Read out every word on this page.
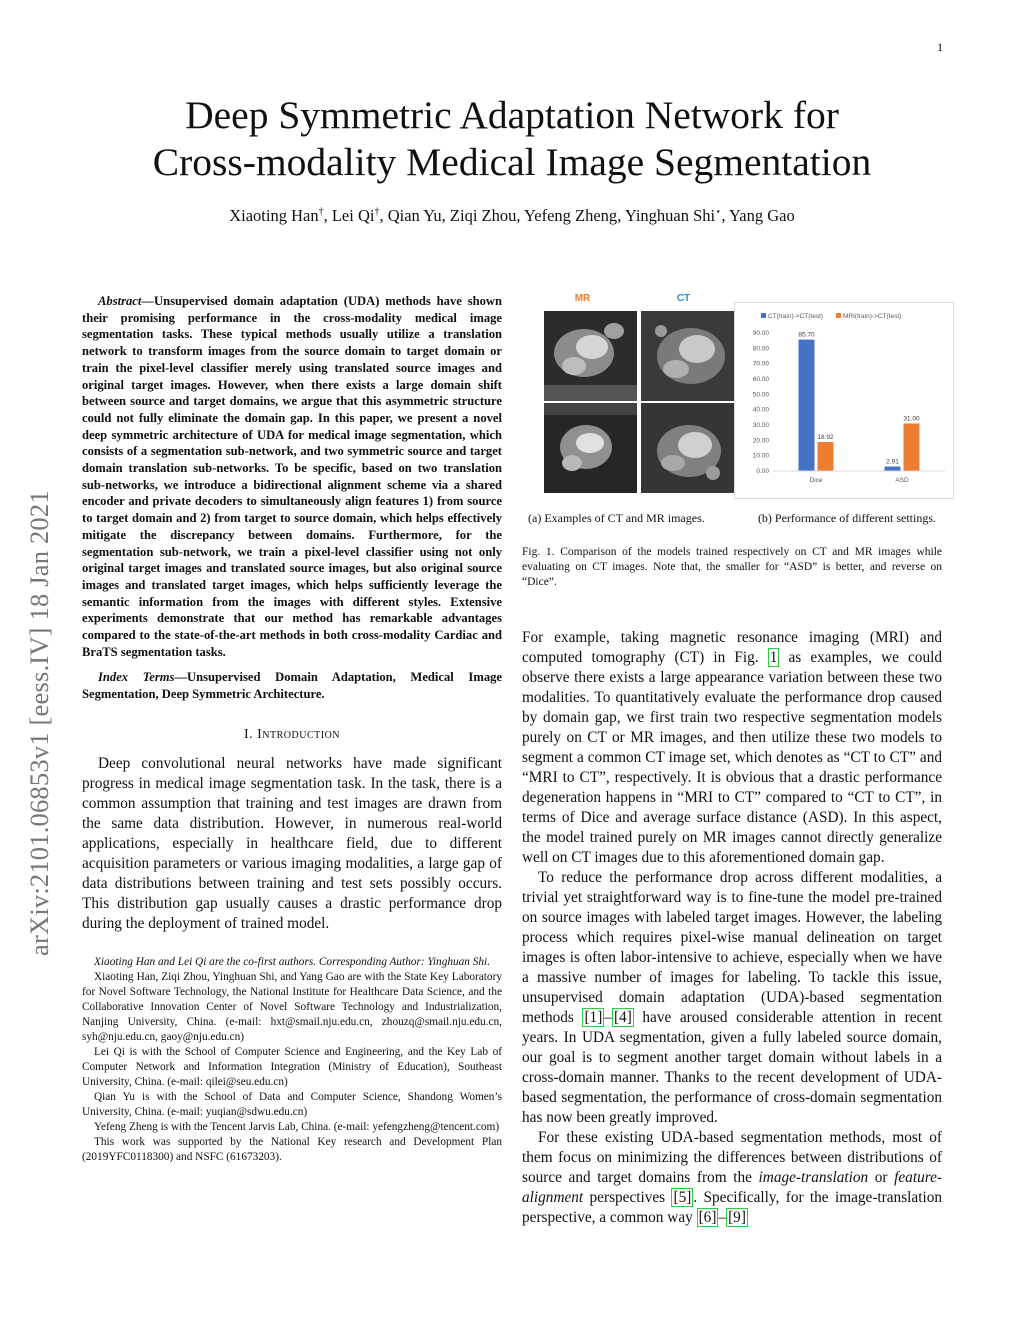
1
arXiv:2101.06853v1 [eess.IV] 18 Jan 2021
Deep Symmetric Adaptation Network for
Cross-modality Medical Image Segmentation
Xiaoting Han†, Lei Qi†, Qian Yu, Ziqi Zhou, Yefeng Zheng, Yinghuan Shi⋆, Yang Gao

Abstract—Unsupervised domain adaptation (UDA) methods have shown their promising performance in the cross-modality medical image segmentation tasks. These typical methods usually utilize a translation network to transform images from the source domain to target domain or train the pixel-level classifier merely using translated source images and original target images. However, when there exists a large domain shift between source and target domains, we argue that this asymmetric structure could not fully eliminate the domain gap. In this paper, we present a novel deep symmetric architecture of UDA for medical image segmentation, which consists of a segmentation sub-network, and two symmetric source and target domain translation sub-networks. To be specific, based on two translation sub-networks, we introduce a bidirectional alignment scheme via a shared encoder and private decoders to simultaneously align features 1) from source to target domain and 2) from target to source domain, which helps effectively mitigate the discrepancy between domains. Furthermore, for the segmentation sub-network, we train a pixel-level classifier using not only original target images and translated source images, but also original source images and translated target images, which helps sufficiently leverage the semantic information from the images with different styles. Extensive experiments demonstrate that our method has remarkable advantages compared to the state-of-the-art methods in both cross-modality Cardiac and BraTS segmentation tasks.

Index Terms—Unsupervised Domain Adaptation, Medical Image Segmentation, Deep Symmetric Architecture.

I. Introduction

Deep convolutional neural networks have made significant progress in medical image segmentation task. In the task, there is a common assumption that training and test images are drawn from the same data distribution. However, in numerous real-world applications, especially in healthcare field, due to different acquisition parameters or various imaging modalities, a large gap of data distributions between training and test sets possibly occurs. This distribution gap usually causes a drastic performance drop during the deployment of trained model.

Xiaoting Han and Lei Qi are the co-first authors. Corresponding Author: Yinghuan Shi.

Xiaoting Han, Ziqi Zhou, Yinghuan Shi, and Yang Gao are with the State Key Laboratory for Novel Software Technology, the National Institute for Healthcare Data Science, and the Collaborative Innovation Center of Novel Software Technology and Industrialization, Nanjing University, China. (e-mail: hxt@smail.nju.edu.cn, zhouzq@smail.nju.edu.cn, syh@nju.edu.cn, gaoy@nju.edu.cn)

Lei Qi is with the School of Computer Science and Engineering, and the Key Lab of Computer Network and Information Integration (Ministry of Education), Southeast University, China. (e-mail: qilei@seu.edu.cn)

Qian Yu is with the School of Data and Computer Science, Shandong Women’s University, China. (e-mail: yuqian@sdwu.edu.cn)

Yefeng Zheng is with the Tencent Jarvis Lab, China. (e-mail: yefengzheng@tencent.com)

This work was supported by the National Key research and Development Plan (2019YFC0118300) and NSFC (61673203).

MR	CT
CT(train)->CT(test)	MRI(train)->CT(test)
0.00
10.00
20.00
30.00
40.00
50.00
60.00
70.00
80.00
90.00	85.70
18.92
2.91
31.00
Dice	ASD
(a) Examples of CT and MR images.	(b) Performance of different settings.
Fig. 1. Comparison of the models trained respectively on CT and MR images while evaluating on CT images. Note that, the smaller for “ASD” is better, and reverse on “Dice”.

For example, taking magnetic resonance imaging (MRI) and computed tomography (CT) in Fig. 1 as examples, we could observe there exists a large appearance variation between these two modalities. To quantitatively evaluate the performance drop caused by domain gap, we first train two respective segmentation models purely on CT or MR images, and then utilize these two models to segment a common CT image set, which denotes as “CT to CT” and “MRI to CT”, respectively. It is obvious that a drastic performance degeneration happens in “MRI to CT” compared to “CT to CT”, in terms of Dice and average surface distance (ASD). In this aspect, the model trained purely on MR images cannot directly generalize well on CT images due to this aforementioned domain gap.

To reduce the performance drop across different modalities, a trivial yet straightforward way is to fine-tune the model pre-trained on source images with labeled target images. However, the labeling process which requires pixel-wise manual delineation on target images is often labor-intensive to achieve, especially when we have a massive number of images for labeling. To tackle this issue, unsupervised domain adaptation (UDA)-based segmentation methods [1] – [4] have aroused considerable attention in recent years. In UDA segmentation, given a fully labeled source domain, our goal is to segment another target domain without labels in a cross-domain manner. Thanks to the recent development of UDA-based segmentation, the performance of cross-domain segmentation has now been greatly improved.

For these existing UDA-based segmentation methods, most of them focus on minimizing the differences between distributions of source and target domains from the image-translation or feature-alignment perspectives [5] . Specifically, for the image-translation perspective, a common way [6] – [9]
